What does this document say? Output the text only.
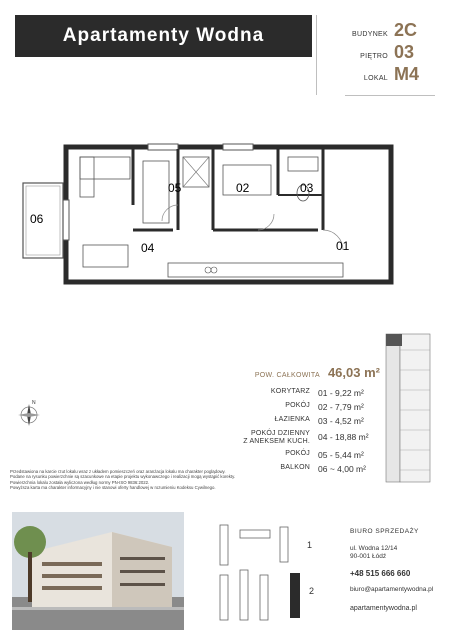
Apartamenty Wodna	BUDYNEK 2C
PIĘTRO 03
LOKAL M4
01
02	03
04
05
06
N
POW. CAŁKOWITA 46,03 m²
KORYTARZ 01 - 9,22 m²
POKÓJ 02 - 7,79 m²
ŁAZIENKA 03 - 4,52 m²
POKÓJ DZIENNY
Z ANEKSEM KUCH. 04 - 18,88 m²
POKÓJ 05 - 5,44 m²
BALKON 06 ~ 4,00 m²
Przedstawiona na karcie rzut lokalu wraz z układem pomieszczeń oraz aranżacja lokalu ma charakter poglądowy.
Podane na rysunku powierzchnie są szacunkowe na etapie projektu wykonawczego i realizacji mogą wystąpić korekty.
Powierzchnia lokalu została wyliczona według normy PN-ISO 9836:2022.
Powyższa karta ma charakter informacyjny i nie stanowi oferty handlowej w rozumieniu Kodeksu Cywilnego.
1
2
BIURO SPRZEDAŻY
ul. Wodna 12/14
90-001 Łódź
+48 515 666 660
biuro@apartamentywodna.pl
apartamentywodna.pl
